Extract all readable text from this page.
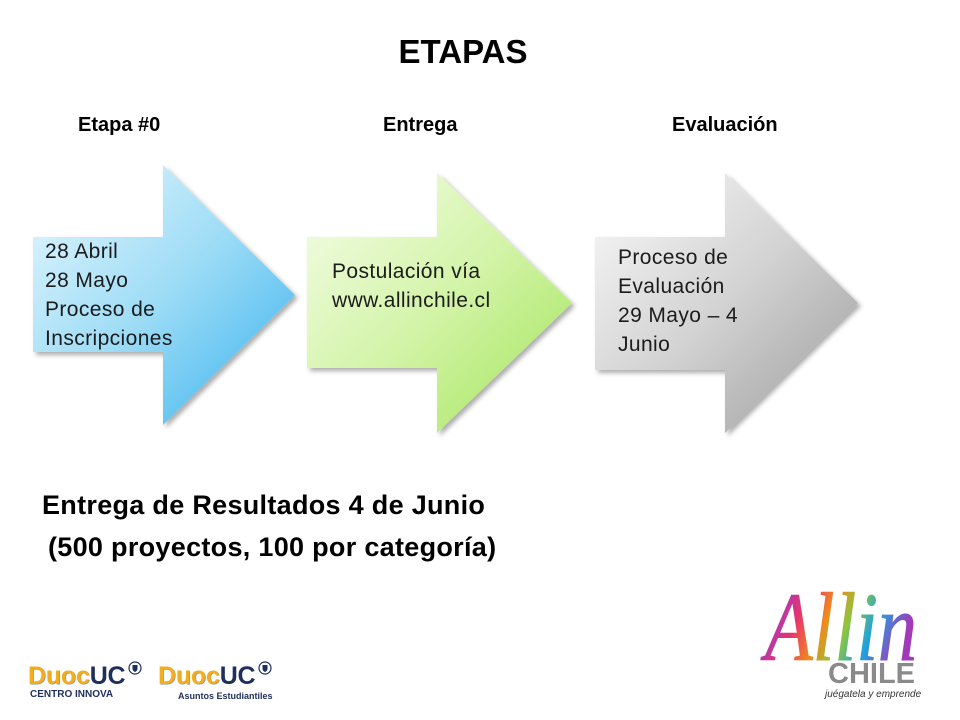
ETAPAS
Etapa #0	Entrega	Evaluación
28 Abril
28 Mayo
Proceso de
Inscripciones
Postulación vía
www.allinchile.cl
Proceso de
Evaluación
29 Mayo – 4
Junio
Entrega de Resultados 4 de Junio
(500 proyectos, 100 por categoría)
DuocUC
CENTRO INNOVA
DuocUC
Asuntos Estudiantiles
Allin
CHILE
juégatela y emprende
